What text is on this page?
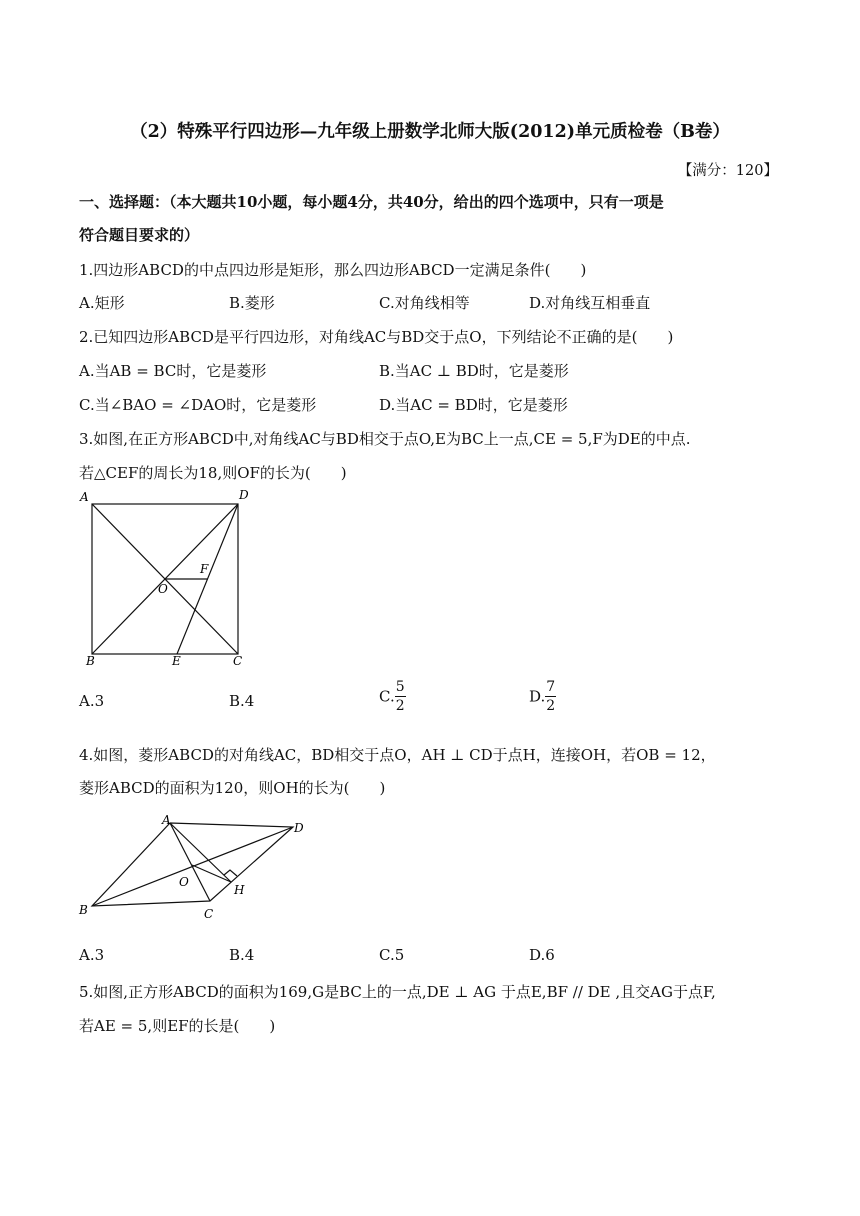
（2）特殊平行四边形—九年级上册数学北师大版(2012)单元质检卷（B卷）
【满分：120】
一、选择题：（本大题共10小题，每小题4分，共40分，给出的四个选项中，只有一项是
符合题目要求的）
1.四边形ABCD的中点四边形是矩形，那么四边形ABCD一定满足条件(　　)
A.矩形	B.菱形	C.对角线相等	D.对角线互相垂直
2.已知四边形ABCD是平行四边形，对角线AC与BD交于点O，下列结论不正确的是(　　)
A.当AB = BC时，它是菱形	B.当AC ⊥ BD时，它是菱形
C.当∠BAO = ∠DAO时，它是菱形	D.当AC = BD时，它是菱形
3.如图,在正方形ABCD中,对角线AC与BD相交于点O,E为BC上一点,CE = 5,F为DE的中点.
若△CEF的周长为18,则OF的长为(　　)
A	D
B	E	C
F
O
A.3	B.4	C. $\frac{5}{2}$	D. $\frac{7}{2}$
4.如图，菱形ABCD的对角线AC，BD相交于点O，AH ⊥ CD于点H，连接OH，若OB = 12，
菱形ABCD的面积为120，则OH的长为(　　)
A
D
B	C
O
H
A.3	B.4	C.5	D.6
5.如图,正方形ABCD的面积为169,G是BC上的一点,DE ⊥ AG 于点E,BF // DE ,且交AG于点F,
若AE = 5,则EF的长是(　　)
